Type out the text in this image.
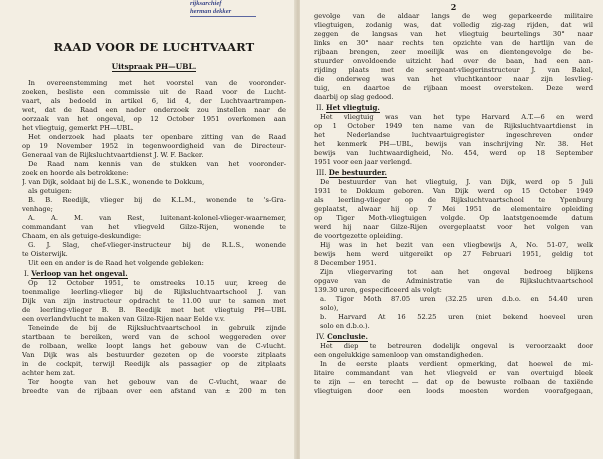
rijksarchief
herman dekker
RAAD VOOR DE LUCHTVAART
Uitspraak PH—UBL.
In overeenstemming met het voorstel van de vooronder-
zoeken, besliste een commissie uit de Raad voor de Lucht-
vaart, als bedoeld in artikel 6, lid 4, der Luchtvaartrampen-
wet, dat de Raad een nader onderzoek zou instellen naar de
oorzaak van het ongeval, op 12 October 1951 overkomen aan
het vliegtuig, gemerkt PH—UBL.
Het onderzoek had plaats ter openbare zitting van de Raad
op 19 November 1952 in tegenwoordigheid van de Directeur-
Generaal van de Rijksluchtvaartdienst J. W. F. Backer.
De Raad nam kennis van de stukken van het vooronder-
zoek en hoorde als betrokkene:
J. van Dijk, soldaat bij de L.S.K., wonende te Dokkum,
als getuigen:
B. B. Reedijk, vlieger bij de K.L.M., wonende te 's-Gra-
venhage;
A. A. M. van Rest, luitenant-kolonel-vlieger-waarnemer,
commandant van het vliegveld Gilze-Rijen, wonende te
Chaam, en als getuige-deskundige:
G. J. Slag, chef-vlieger-instructeur bij de R.L.S., wonende
te Oisterwijk.
Uit een en ander is de Raad het volgende gebleken:
I. Verloop van het ongeval.
Op 12 October 1951, te omstreeks 10.15 uur, kreeg de
toenmalige leerling-vlieger bij de Rijksluchtvaartschool J. van
Dijk van zijn instructeur opdracht te 11.00 uur te samen met
de leerling-vlieger B. B. Reedijk met het vliegtuig PH—UBL
een overlandvlucht te maken van Gilze-Rijen naar Eelde v.v.
Teneinde de bij de Rijksluchtvaartschool in gebruik zijnde
startbaan te bereiken, werd van de school weggereden over
de rolbaan, welke loopt langs het gebouw van de C-vlucht.
Van Dijk was als bestuurder gezeten op de voorste zitplaats
in de cockpit, terwijl Reedijk als passagier op de zitplaats
achter hem zat.
Ter hoogte van het gebouw van de C-vlucht, waar de
breedte van de rijbaan over een afstand van ± 200 m ten
2
gevolge van de aldaar langs de weg geparkeerde militaire
vliegtuigen, zodanig was, dat volledig zig-zag rijden, dat wil
zeggen de langsas van het vliegtuig beurtelings 30° naar
links en 30° naar rechts ten opzichte van de hartlijn van de
rijbaan brengen, zeer moeilijk was en dientengevolge de be-
stuurder onvoldoende uitzicht had over de baan, had een aan-
rijding plaats met de sergeant-vliegerinstructeur J. van Bakel,
die onderweg was van het vluchtkantoor naar zijn lesvlieg-
tuig, en daartoe de rijbaan moest oversteken. Deze werd
daarbij op slag gedood.
II. Het vliegtuig.
Het vliegtuig was van het type Harvard A.T.—6 en werd
op 1 October 1949 ten name van de Rijksluchtvaartdienst in
het Nederlandse luchtvaartuigregister ingeschreven onder
het kenmerk PH—UBL, bewijs van inschrijving Nr. 38. Het
bewijs van luchtwaardigheid, No. 454, werd op 18 September
1951 voor een jaar verlengd.
III. De bestuurder.
De bestuurder van het vliegtuig, J. van Dijk, werd op 5 Juli
1931 te Dokkum geboren. Van Dijk werd op 15 October 1949
als leerling-vlieger op de Rijksluchtvaartschool te Ypenburg
geplaatst, alwaar hij op 7 Mei 1951 de elementaire opleiding
op Tiger Moth-vliegtuigen volgde. Op laatstgenoemde datum
werd hij naar Gilze-Rijen overgeplaatst voor het volgen van
de voortgezette opleiding.
Hij was in het bezit van een vliegbewijs A, No. 51-07, welk
bewijs hem werd uitgereikt op 27 Februari 1951, geldig tot
8 December 1951.
Zijn vliegervaring tot aan het ongeval bedroeg blijkens
opgave van de Administratie van de Rijksluchtvaartschool
139.30 uren, gespecificeerd als volgt:
a. Tigor Moth 87.05 uren (32.25 uren d.b.o. en 54.40 uren
solo),
b. Harvard At 16 52.25 uren (niet bekend hoeveel uren
solo en d.b.o.).
IV. Conclusie.
Het diep te betreuren dodelijk ongeval is veroorzaakt door
een ongelukkige samenloop van omstandigheden.
In de eerste plaats verdient opmerking, dat hoewel de mi-
litaire commandant van het vliegveld er van overtuigd bleek
te zijn — en terecht — dat op de bewuste rolbaan de taxiënde
vliegtuigen door een loods moesten worden voorafgegaan,
